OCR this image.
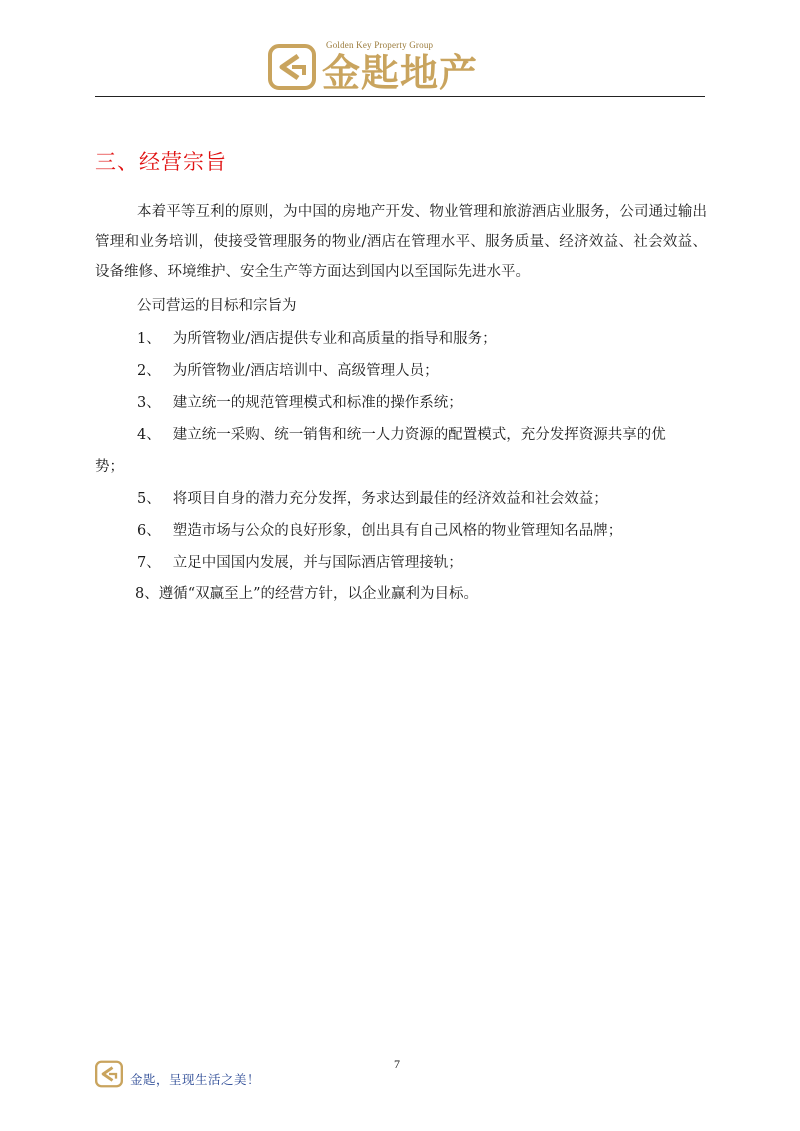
Golden Key Property Group
金匙地产
三、经营宗旨

本着平等互利的原则，为中国的房地产开发、物业管理和旅游酒店业服务，公司通过输出管理和业务培训，使接受管理服务的物业/酒店在管理水平、服务质量、经济效益、社会效益、设备维修、环境维护、安全生产等方面达到国内以至国际先进水平。

公司营运的目标和宗旨为
1、 为所管物业/酒店提供专业和高质量的指导和服务；
2、 为所管物业/酒店培训中、高级管理人员；
3、 建立统一的规范管理模式和标准的操作系统；
4、 建立统一采购、统一销售和统一人力资源的配置模式，充分发挥资源共享的优
势；
5、 将项目自身的潜力充分发挥，务求达到最佳的经济效益和社会效益；
6、 塑造市场与公众的良好形象，创出具有自己风格的物业管理知名品牌；
7、 立足中国国内发展，并与国际酒店管理接轨；
8、遵循“双赢至上”的经营方针，以企业赢利为目标。
7
金匙，呈现生活之美！
